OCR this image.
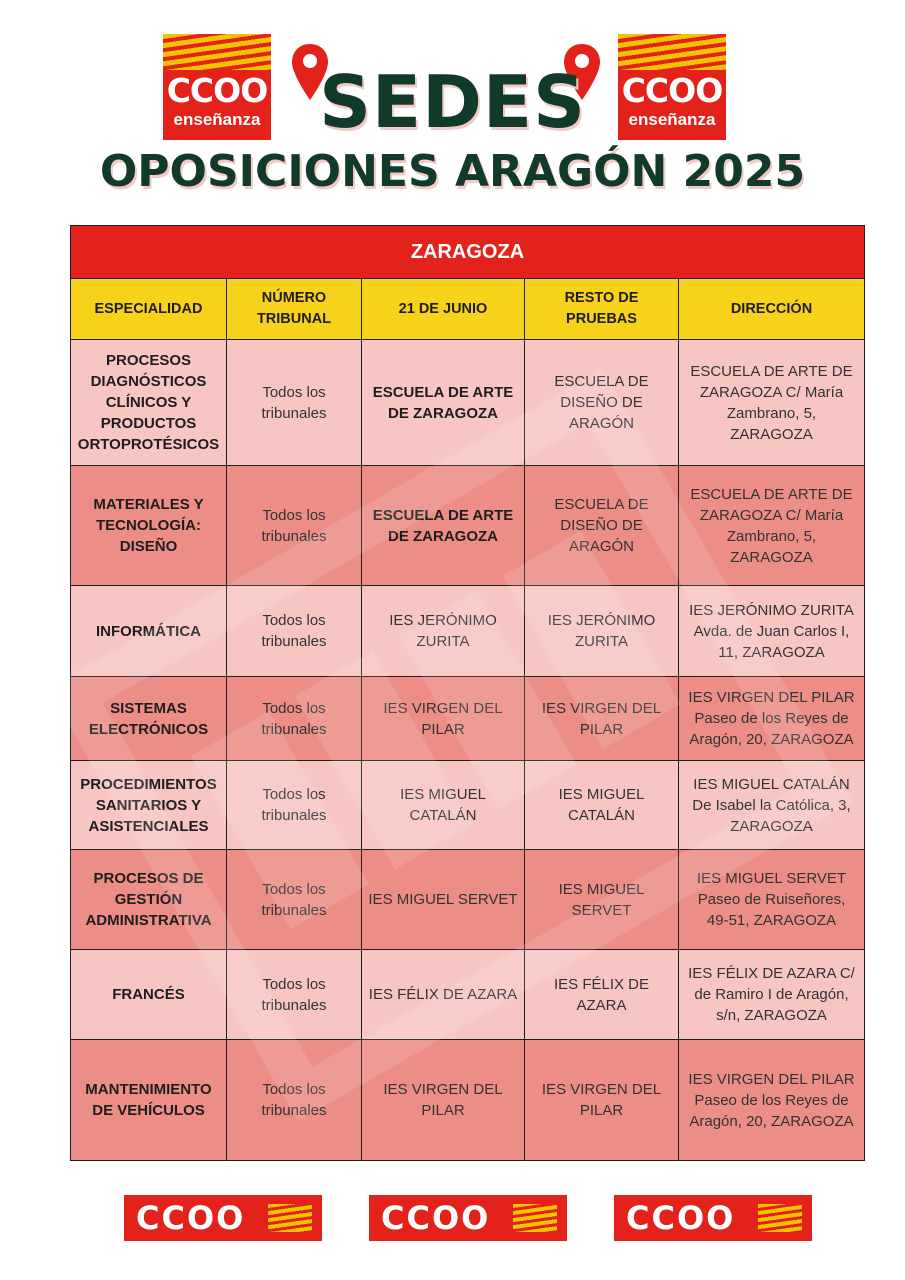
CCOO
enseñanza
CCOO
enseñanza
SEDES
OPOSICIONES ARAGÓN 2025
ZARAGOZA				
ESPECIALIDAD	NÚMERO TRIBUNAL	21 DE JUNIO	RESTO DE PRUEBAS	DIRECCIÓN
PROCESOS DIAGNÓSTICOS CLÍNICOS Y PRODUCTOS ORTOPROTÉSICOS	Todos los tribunales	ESCUELA DE ARTE DE ZARAGOZA	ESCUELA DE DISEÑO DE ARAGÓN	ESCUELA DE ARTE DE ZARAGOZA C/ María Zambrano, 5, ZARAGOZA
MATERIALES Y TECNOLOGÍA: DISEÑO	Todos los tribunales	ESCUELA DE ARTE DE ZARAGOZA	ESCUELA DE DISEÑO DE ARAGÓN	ESCUELA DE ARTE DE ZARAGOZA C/ María Zambrano, 5, ZARAGOZA
INFORMÁTICA	Todos los tribunales	IES JERÓNIMO ZURITA	IES JERÓNIMO ZURITA	IES JERÓNIMO ZURITA Avda. de Juan Carlos I, 11, ZARAGOZA
SISTEMAS ELECTRÓNICOS	Todos los tribunales	IES VIRGEN DEL PILAR	IES VIRGEN DEL PILAR	IES VIRGEN DEL PILAR Paseo de los Reyes de Aragón, 20, ZARAGOZA
PROCEDIMIENTOS SANITARIOS Y ASISTENCIALES	Todos los tribunales	IES MIGUEL CATALÁN	IES MIGUEL CATALÁN	IES MIGUEL CATALÁN De Isabel la Católica, 3, ZARAGOZA
PROCESOS DE GESTIÓN ADMINISTRATIVA	Todos los tribunales	IES MIGUEL SERVET	IES MIGUEL SERVET	IES MIGUEL SERVET Paseo de Ruiseñores, 49-51, ZARAGOZA
FRANCÉS	Todos los tribunales	IES FÉLIX DE AZARA	IES FÉLIX DE AZARA	IES FÉLIX DE AZARA C/ de Ramiro I de Aragón, s/n, ZARAGOZA
MANTENIMIENTO DE VEHÍCULOS	Todos los tribunales	IES VIRGEN DEL PILAR	IES VIRGEN DEL PILAR	IES VIRGEN DEL PILAR Paseo de los Reyes de Aragón, 20, ZARAGOZA
CCOO	CCOO	CCOO
